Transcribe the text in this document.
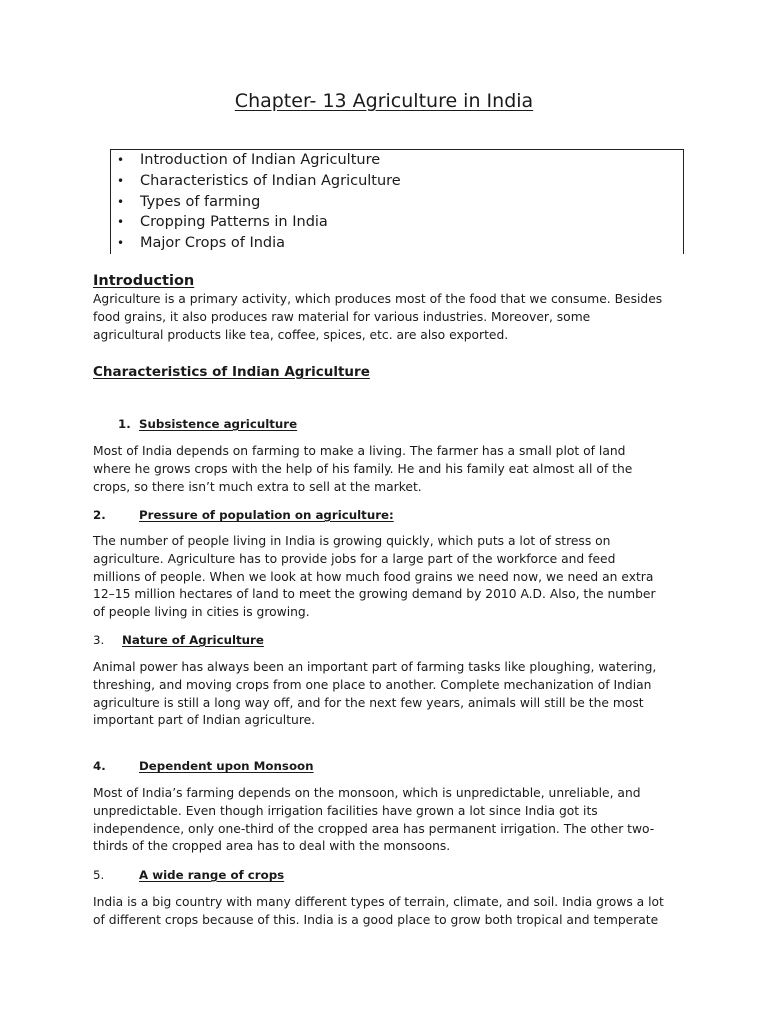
Chapter- 13 Agriculture in India
• Introduction of Indian Agriculture
• Characteristics of Indian Agriculture
• Types of farming
• Cropping Patterns in India
• Major Crops of India
Introduction
Agriculture is a primary activity, which produces most of the food that we consume. Besides
food grains, it also produces raw material for various industries. Moreover, some
agricultural products like tea, coffee, spices, etc. are also exported.
Characteristics of Indian Agriculture
1. Subsistence agriculture
Most of India depends on farming to make a living. The farmer has a small plot of land
where he grows crops with the help of his family. He and his family eat almost all of the
crops, so there isn’t much extra to sell at the market.
2.	Pressure of population on agriculture:
The number of people living in India is growing quickly, which puts a lot of stress on
agriculture. Agriculture has to provide jobs for a large part of the workforce and feed
millions of people. When we look at how much food grains we need now, we need an extra
12–15 million hectares of land to meet the growing demand by 2010 A.D. Also, the number
of people living in cities is growing.
3. Nature of Agriculture
Animal power has always been an important part of farming tasks like ploughing, watering,
threshing, and moving crops from one place to another. Complete mechanization of Indian
agriculture is still a long way off, and for the next few years, animals will still be the most
important part of Indian agriculture.
4.	Dependent upon Monsoon
Most of India’s farming depends on the monsoon, which is unpredictable, unreliable, and
unpredictable. Even though irrigation facilities have grown a lot since India got its
independence, only one-third of the cropped area has permanent irrigation. The other two-
thirds of the cropped area has to deal with the monsoons.
5.	A wide range of crops
India is a big country with many different types of terrain, climate, and soil. India grows a lot
of different crops because of this. India is a good place to grow both tropical and temperate
